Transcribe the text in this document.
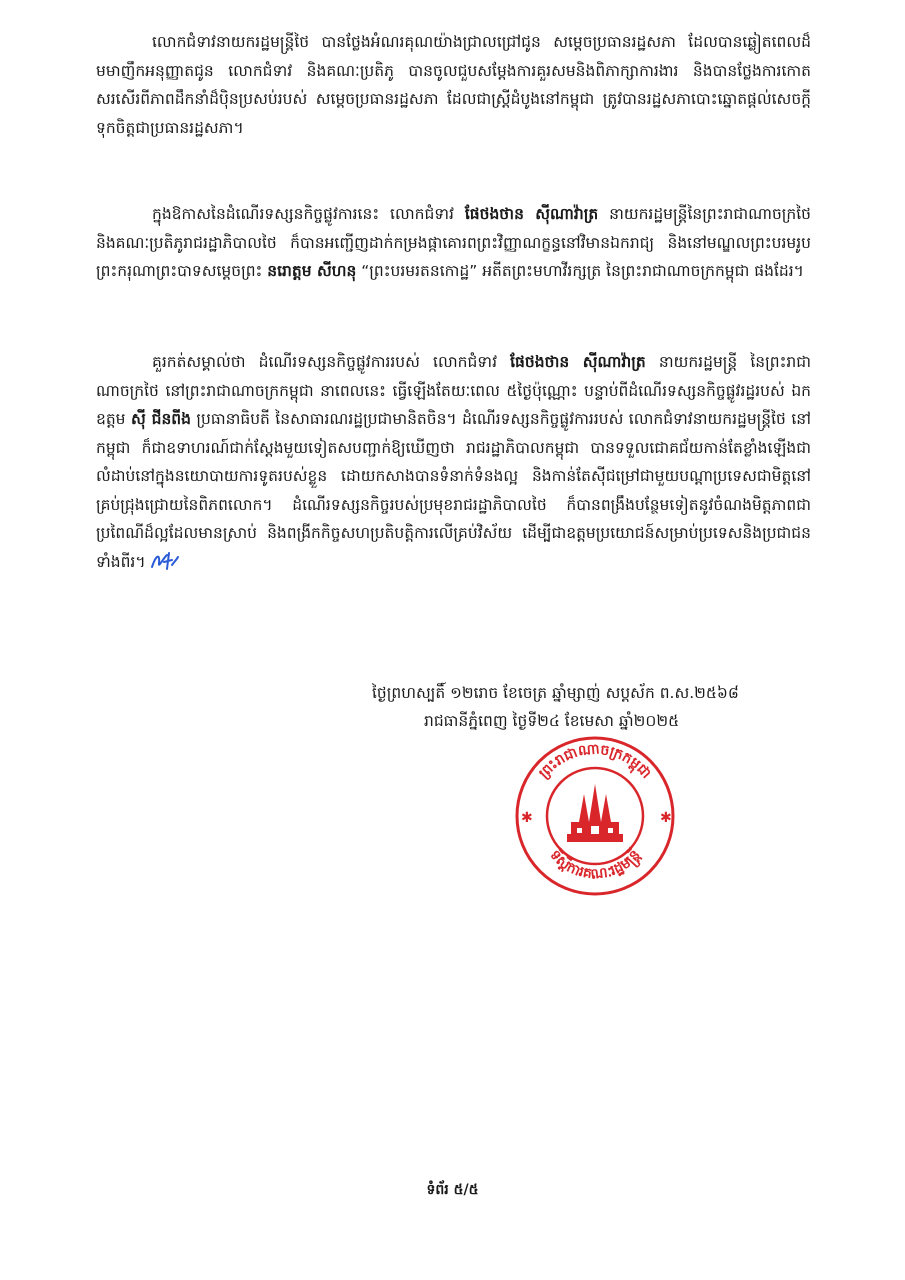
លោកជំទាវនាយករដ្ឋមន្ត្រីថៃ បានថ្លែងអំណរគុណយ៉ាងជ្រាលជ្រៅជូន សម្តេចប្រធានរដ្ឋសភា ដែលបានឆ្លៀតពេលដ៏មមាញឹកអនុញ្ញាតជូន លោកជំទាវ និងគណៈប្រតិភូ បានចូលជួបសម្តែងការគួរសមនិងពិភាក្សាការងារ និងបានថ្លែងការកោតសរសើរពីភាពដឹកនាំដ៏ប៉ិនប្រសប់របស់ សម្តេចប្រធានរដ្ឋសភា ដែលជាស្ត្រីដំបូងនៅកម្ពុជា ត្រូវបានរដ្ឋសភាបោះឆ្នោតផ្តល់សេចក្តីទុកចិត្តជាប្រធានរដ្ឋសភា។

ក្នុងឱកាសនៃដំណើរទស្សនកិច្ចផ្លូវការនេះ លោកជំទាវ ផែថងថាន ស៊ីណាវ៉ាត្រ នាយករដ្ឋមន្ត្រីនៃព្រះរាជាណាចក្រថៃ និងគណៈប្រតិភូរាជរដ្ឋាភិបាលថៃ ក៏បានអញ្ជើញដាក់កម្រងផ្កាគោរពព្រះវិញ្ញាណក្ខន្ធនៅវិមានឯករាជ្យ និងនៅមណ្ឌលព្រះបរមរូប ព្រះករុណាព្រះបាទសម្តេចព្រះ នរោត្តម សីហនុ “ព្រះបរមរតនកោដ្ឋ” អតីតព្រះមហាវីរក្សត្រ នៃព្រះរាជាណាចក្រកម្ពុជា ផងដែរ។

គួរកត់សម្គាល់ថា ដំណើរទស្សនកិច្ចផ្លូវការរបស់ លោកជំទាវ ផែថងថាន ស៊ីណាវ៉ាត្រ នាយករដ្ឋមន្ត្រី នៃព្រះរាជាណាចក្រថៃ នៅព្រះរាជាណាចក្រកម្ពុជា នាពេលនេះ ធ្វើឡើងតែយៈពេល ៥ថ្ងៃប៉ុណ្ណោះ បន្ទាប់ពីដំណើរទស្សនកិច្ចផ្លូវរដ្ឋរបស់ ឯកឧត្តម ស៊ី ជីនពីង ប្រធានាធិបតី នៃសាធារណរដ្ឋប្រជាមានិតចិន។ ដំណើរទស្សនកិច្ចផ្លូវការរបស់ លោកជំទាវនាយករដ្ឋមន្ត្រីថៃ នៅកម្ពុជា ក៏ជាឧទាហរណ៍ជាក់ស្តែងមួយទៀតសបញ្ជាក់ឱ្យឃើញថា រាជរដ្ឋាភិបាលកម្ពុជា បានទទួលជោគជ័យកាន់តែខ្លាំងឡើងជាលំដាប់នៅក្នុងនយោបាយការទូតរបស់ខ្លួន ដោយកសាងបានទំនាក់ទំនងល្អ និងកាន់តែស៊ីជម្រៅជាមួយបណ្តាប្រទេសជាមិត្តនៅគ្រប់ជ្រុងជ្រោយនៃពិភពលោក។ ដំណើរទស្សនកិច្ចរបស់ប្រមុខរាជរដ្ឋាភិបាលថៃ ក៏បានពង្រឹងបន្ថែមទៀតនូវចំណងមិត្តភាពជាប្រពៃណីដ៏ល្អដែលមានស្រាប់ និងពង្រីកកិច្ចសហប្រតិបត្តិការលើគ្រប់វិស័យ ដើម្បីជាឧត្តមប្រយោជន៍សម្រាប់ប្រទេសនិងប្រជាជនទាំងពីរ។

ថ្ងៃព្រហស្បតិ៍ ១២រោច ខែចេត្រ ឆ្នាំម្សាញ់ សប្តស័ក ព.ស.២៥៦៨
រាជធានីភ្នំពេញ ថ្ងៃទី២៤ ខែមេសា ឆ្នាំ២០២៥
ព្រះរាជាណាចក្រកម្ពុជា
ទីស្តីការគណៈរដ្ឋមន្ត្រី
✱	✱
ទំព័រ ៥/៥
